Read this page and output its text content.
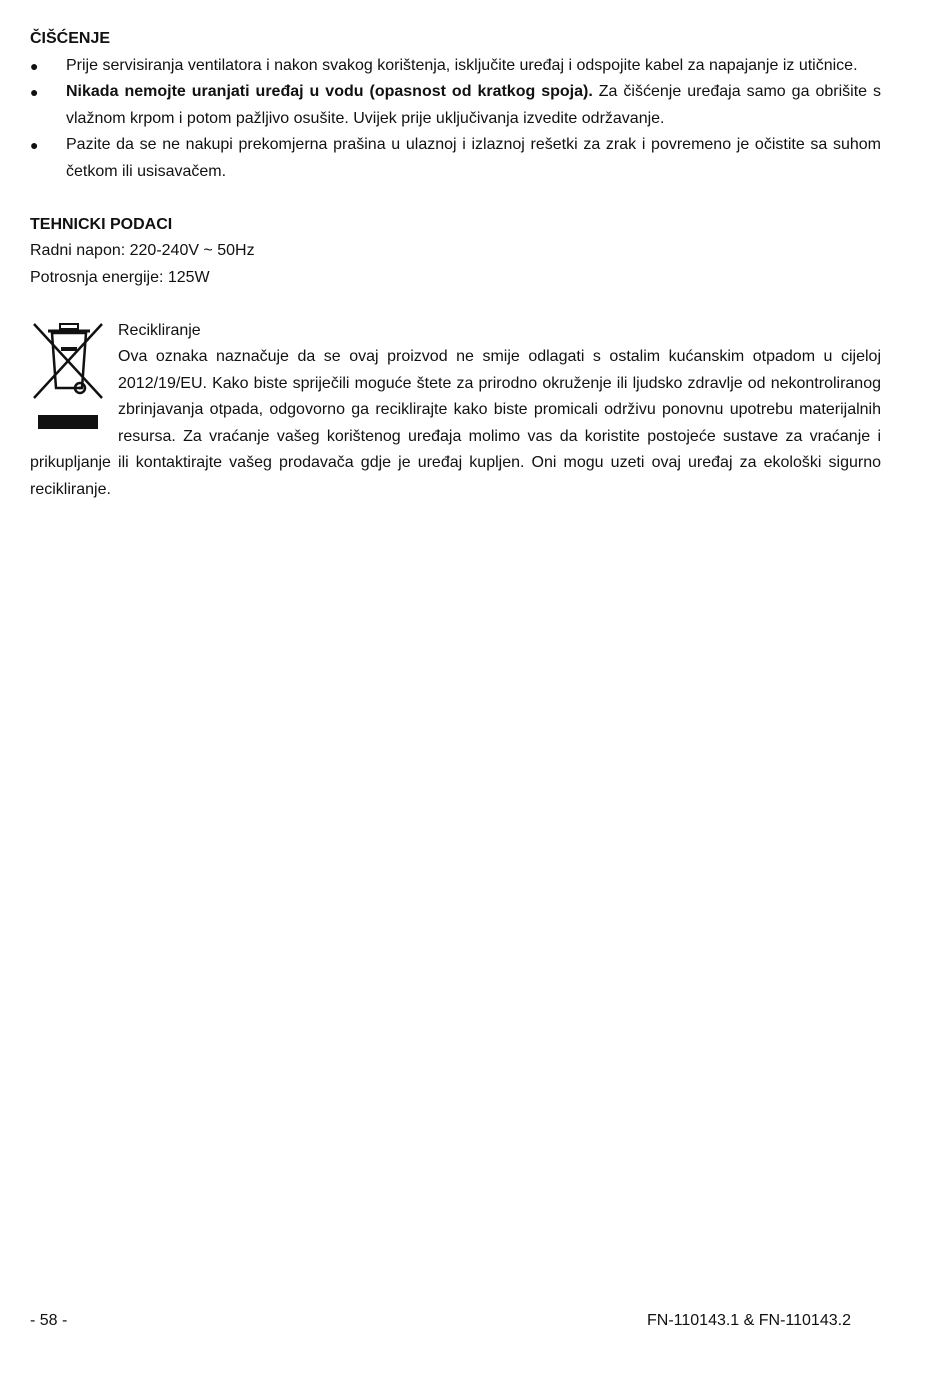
ČIŠĆENJE

● Prije servisiranja ventilatora i nakon svakog korištenja, isključite uređaj i odspojite kabel za napajanje iz utičnice.
● Nikada nemojte uranjati uređaj u vodu (opasnost od kratkog spoja). Za čišćenje uređaja samo ga obrišite s vlažnom krpom i potom pažljivo osušite. Uvijek prije uključivanja izvedite održavanje.
● Pazite da se ne nakupi prekomjerna prašina u ulaznoj i izlaznoj rešetki za zrak i povremeno je očistite sa suhom četkom ili usisavačem.

TEHNICKI PODACI

Radni napon: 220-240V ~ 50Hz

Potrosnja energije: 125W

Recikliranje
Ova oznaka naznačuje da se ovaj proizvod ne smije odlagati s ostalim kućanskim otpadom u cijeloj 2012/19/EU. Kako biste spriječili moguće štete za prirodno okruženje ili ljudsko zdravlje od nekontroliranog zbrinjavanja otpada, odgovorno ga reciklirajte kako biste promicali održivu ponovnu upotrebu materijalnih resursa. Za vraćanje vašeg korištenog uređaja molimo vas da koristite postojeće sustave za vraćanje i prikupljanje ili kontaktirajte vašeg prodavača gdje je uređaj kupljen. Oni mogu uzeti ovaj uređaj za ekološki sigurno recikliranje.
- 58 -	FN-110143.1 & FN-110143.2
